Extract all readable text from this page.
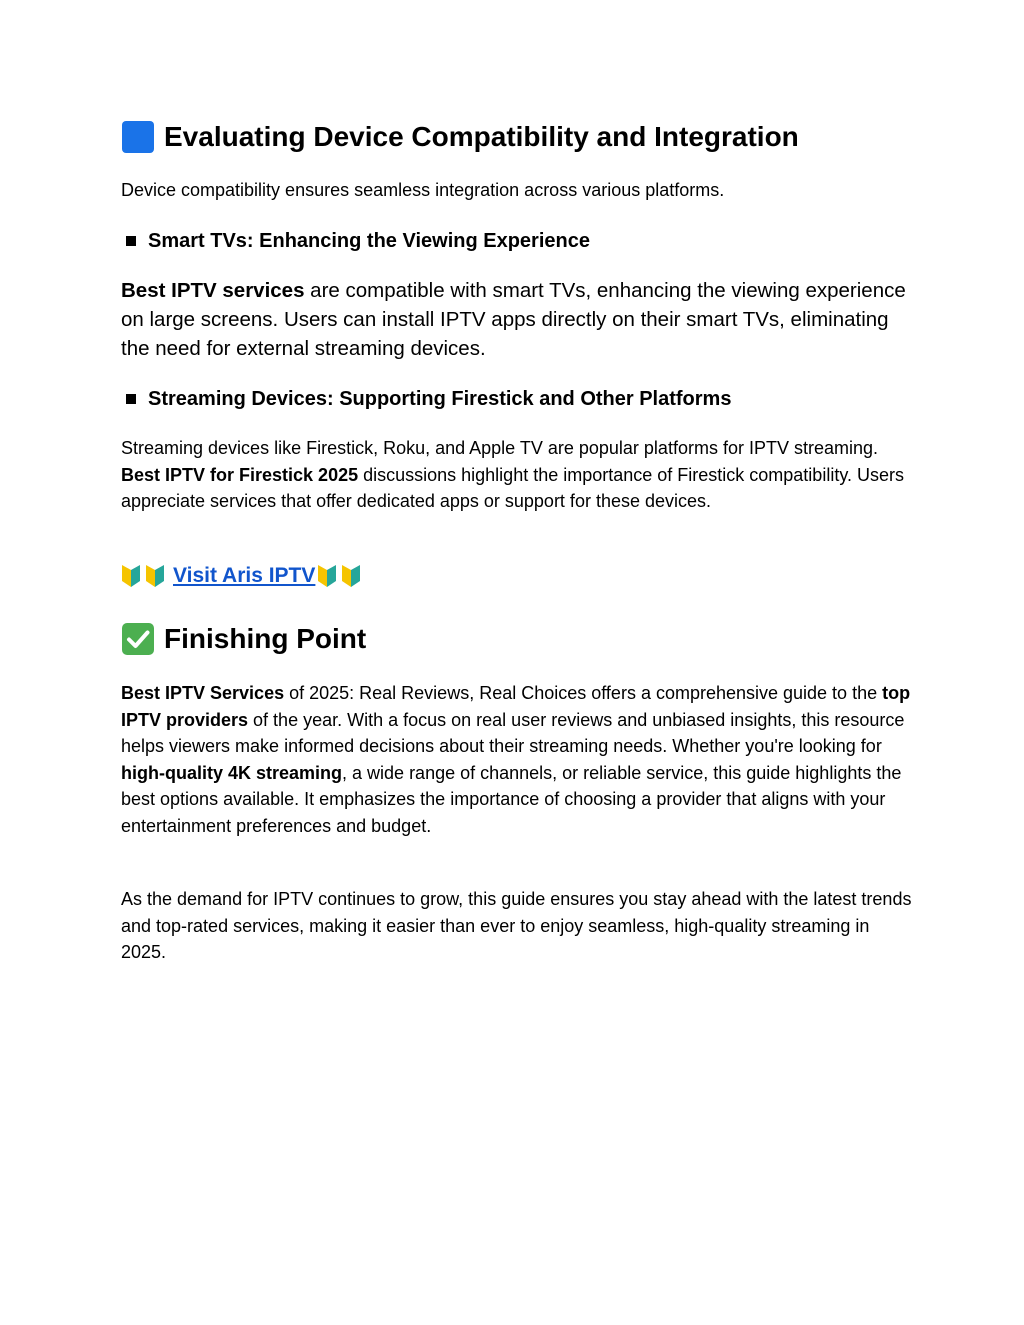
Evaluating Device Compatibility and Integration

Device compatibility ensures seamless integration across various platforms.

Smart TVs: Enhancing the Viewing Experience

Best IPTV services are compatible with smart TVs, enhancing the viewing experience on large screens. Users can install IPTV apps directly on their smart TVs, eliminating the need for external streaming devices.

Streaming Devices: Supporting Firestick and Other Platforms

Streaming devices like Firestick, Roku, and Apple TV are popular platforms for IPTV streaming. Best IPTV for Firestick 2025 discussions highlight the importance of Firestick compatibility. Users appreciate services that offer dedicated apps or support for these devices.

Visit Aris IPTV
Finishing Point

Best IPTV Services of 2025: Real Reviews, Real Choices offers a comprehensive guide to the top IPTV providers of the year. With a focus on real user reviews and unbiased insights, this resource helps viewers make informed decisions about their streaming needs. Whether you're looking for high-quality 4K streaming, a wide range of channels, or reliable service, this guide highlights the best options available. It emphasizes the importance of choosing a provider that aligns with your entertainment preferences and budget.

As the demand for IPTV continues to grow, this guide ensures you stay ahead with the latest trends and top-rated services, making it easier than ever to enjoy seamless, high-quality streaming in 2025.
